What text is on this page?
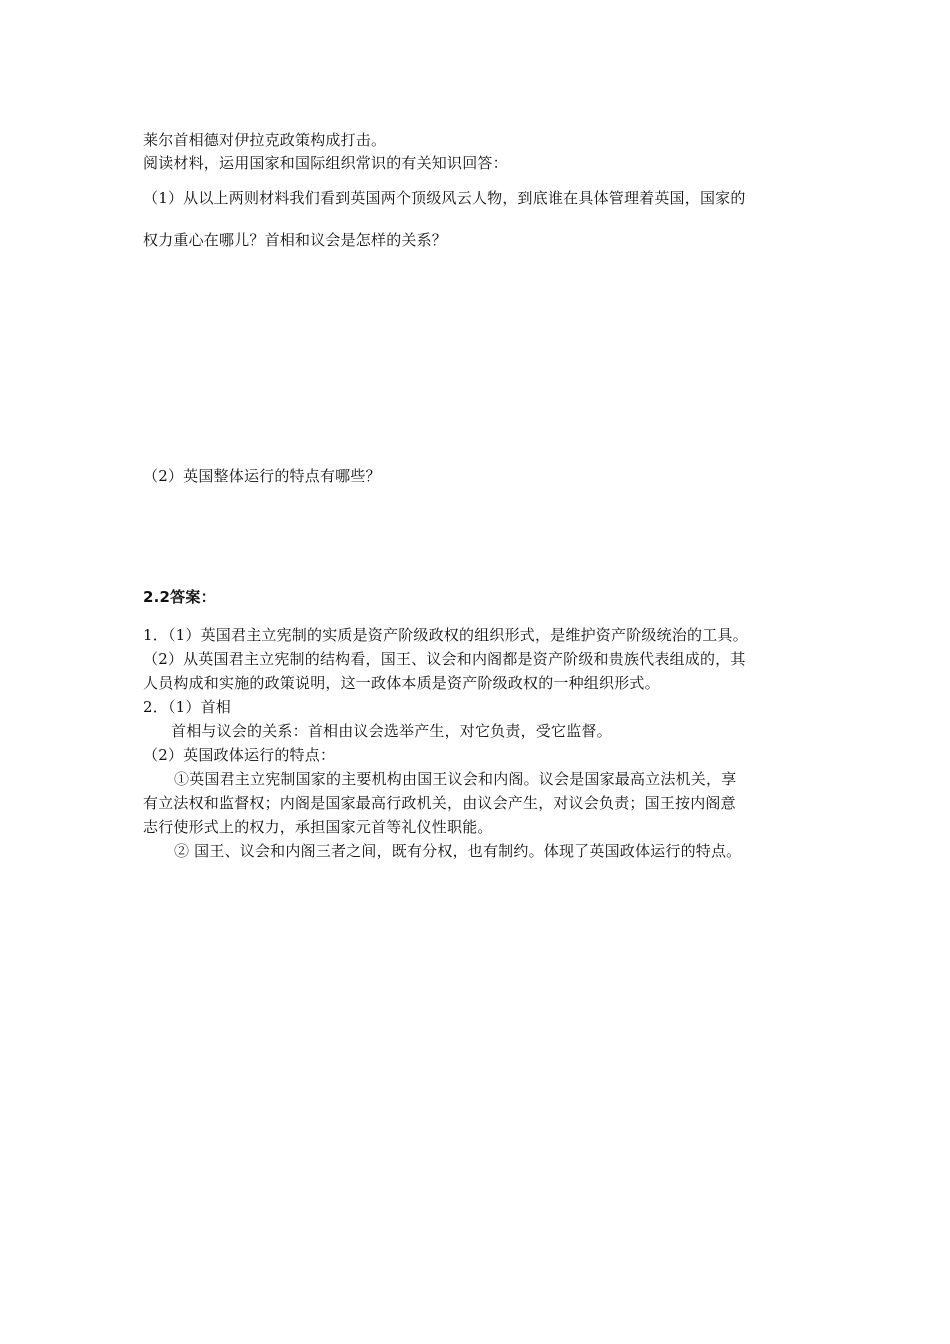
莱尔首相德对伊拉克政策构成打击。
阅读材料，运用国家和国际组织常识的有关知识回答：
（1）从以上两则材料我们看到英国两个顶级风云人物，到底谁在具体管理着英国，国家的
权力重心在哪儿？首相和议会是怎样的关系？
（2）英国整体运行的特点有哪些？
2.2答案：
1．（1）英国君主立宪制的实质是资产阶级政权的组织形式，是维护资产阶级统治的工具。
（2）从英国君主立宪制的结构看，国王、议会和内阁都是资产阶级和贵族代表组成的，其
人员构成和实施的政策说明，这一政体本质是资产阶级政权的一种组织形式。
2．（1）首相
首相与议会的关系：首相由议会选举产生，对它负责，受它监督。
（2）英国政体运行的特点：
①英国君主立宪制国家的主要机构由国王议会和内阁。议会是国家最高立法机关，享
有立法权和监督权；内阁是国家最高行政机关，由议会产生，对议会负责；国王按内阁意
志行使形式上的权力，承担国家元首等礼仪性职能。
② 国王、议会和内阁三者之间，既有分权，也有制约。体现了英国政体运行的特点。
